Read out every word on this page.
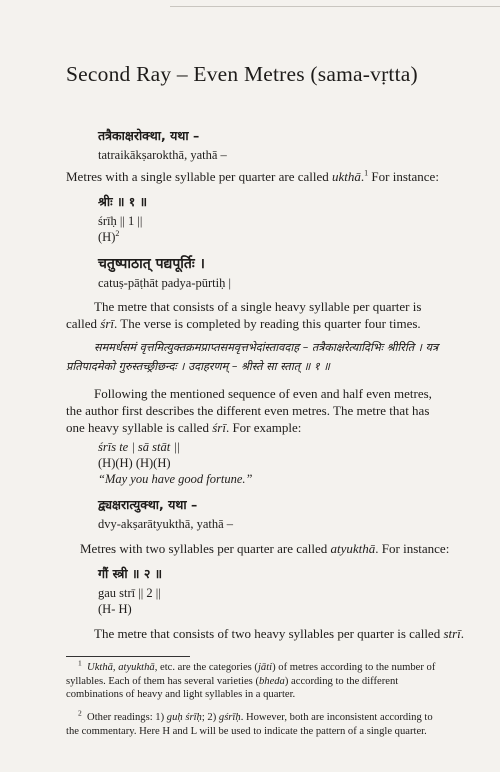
Second Ray – Even Metres (sama-vṛtta)
तत्रैकाक्षरोक्था, यथा –
tatraikākṣarokthā, yathā –
Metres with a single syllable per quarter are called ukthā.$^1$ For instance:
श्रीः ॥ १ ॥
śrīḥ || 1 ||
$(H)^2$
चतुष्पाठात् पद्यपूर्तिः ।
catuṣ-pāṭhāt padya-pūrtiḥ |
The metre that consists of a single heavy syllable per quarter is called śrī. The verse is completed by reading this quarter four times.
सममर्धसमं वृत्तमित्युक्तक्रमप्राप्तसमवृत्तभेदांस्तावदाह – तत्रैकाक्षरेत्यादिभिः श्रीरिति । यत्र प्रतिपादमेको गुरुस्तच्छ्रीछन्दः । उदाहरणम् – श्रीस्ते सा स्तात् ॥ १ ॥
Following the mentioned sequence of even and half even metres, the author first describes the different even metres. The metre that has one heavy syllable is called śrī. For example:
śrīs te | sā stāt ||
(H)(H) (H)(H)
“May you have good fortune.”
द्व्यक्षरात्युक्था, यथा –
dvy-akṣarātyukthā, yathā –
Metres with two syllables per quarter are called atyukthā. For instance:
गौं स्त्री ॥ २ ॥
gau strī || 2 ||
(H- H)
The metre that consists of two heavy syllables per quarter is called strī.
$^1$ Ukthā, atyukthā, etc. are the categories (jāti) of metres according to the number of syllables. Each of them has several varieties (bheda) according to the different combinations of heavy and light syllables in a quarter.
$^2$ Other readings: 1) guḥ śrīḥ; 2) gśrīḥ. However, both are inconsistent according to the commentary. Here H and L will be used to indicate the pattern of a single quarter.
